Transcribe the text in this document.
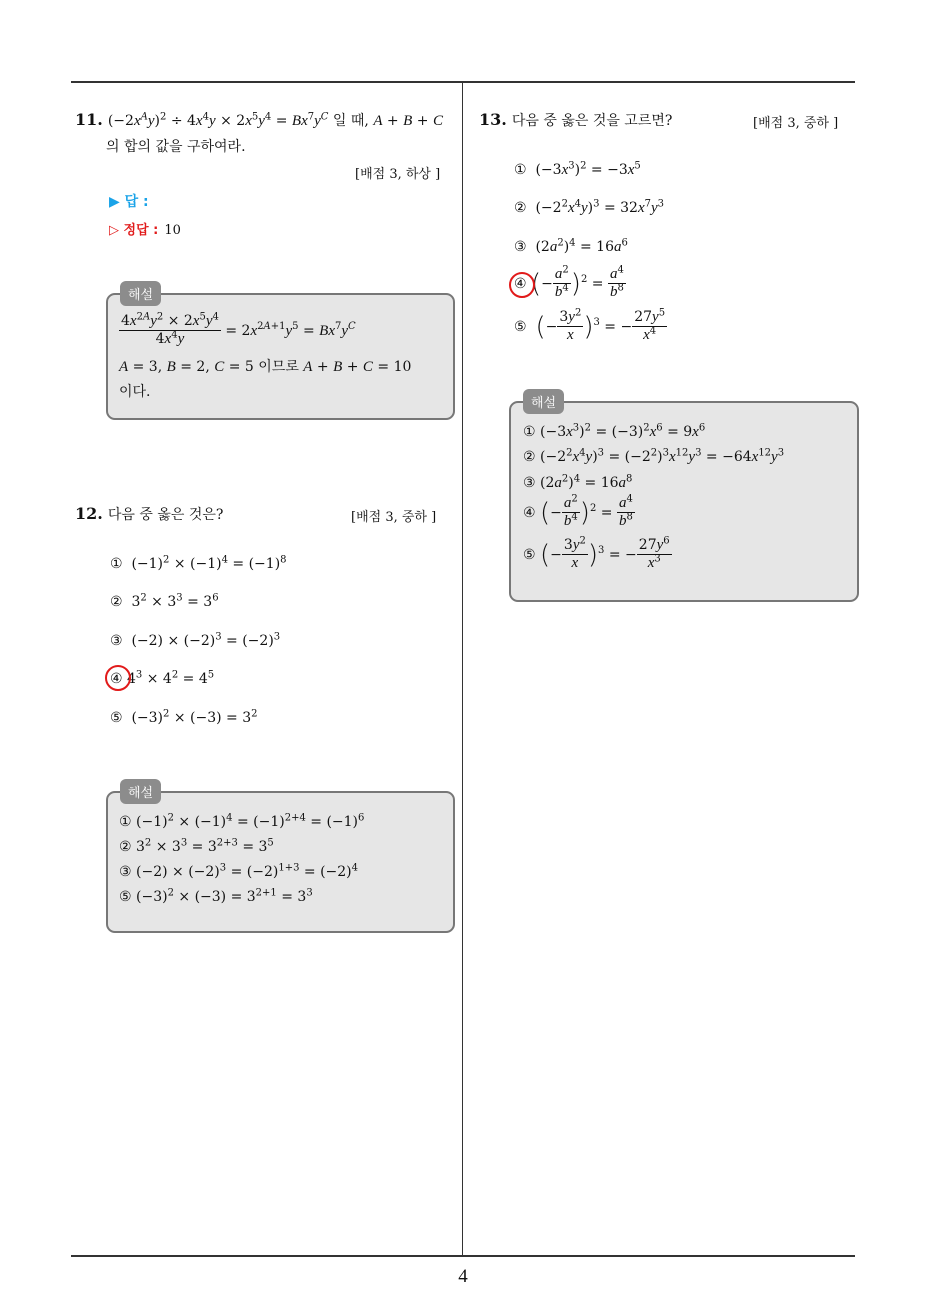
4
11. $(-2x^Ay)^2 \div 4x^4y \times 2x^5y^4 = Bx^7y^C$ 일 때, A + B + C
의 합의 값을 구하여라.
[배점 3, 하상 ]
▶ 답 :
▷ 정답 : 10
해설
$\frac{4x^{2A}y^2 \times 2x^5y^4}{4x^4y} = 2x^{2A+1}y^5 = Bx^7y^C$
A = 3, B = 2, C = 5 이므로 A + B + C = 10
이다.
12. 다음 중 옳은 것은?	[배점 3, 중하 ]
①  $(-1)^2 \times (-1)^4 = (-1)^8$
②  $3^2 \times 3^3 = 3^6$
③  $(-2) \times (-2)^3 = (-2)^3$
④ $4^3 \times 4^2 = 4^5$
⑤  $(-3)^2 \times (-3) = 3^2$
해설
① $(-1)^2 \times (-1)^4 = (-1)^{2+4} = (-1)^6$
② $3^2 \times 3^3 = 3^{2+3} = 3^5$
③ $(-2) \times (-2)^3 = (-2)^{1+3} = (-2)^4$
⑤ $(-3)^2 \times (-3) = 3^{2+1} = 3^3$
13. 다음 중 옳은 것을 고르면?	[배점 3, 중하 ]
①  $(-3x^3)^2 = -3x^5$
②  $(-2^2x^4y)^3 = 32x^7y^3$
③  $(2a^2)^4 = 16a^6$
④ (− $\frac{a^2}{b^4} )^2 = \frac{a^4}{b^8}$
⑤  (− $\frac{3y^2}{x} )^3$ = − $\frac{27y^5}{x^4}$
해설
① $(-3x^3)^2 = (-3)^2x^6 = 9x^6$
② $(-2^2x^4y)^3 = (-2^2)^3x^{12}y^3 = -64x^{12}y^3$
③ $(2a^2)^4 = 16a^8$
④ (− $\frac{a^2}{b^4} )^2 = \frac{a^4}{b^8}$
⑤ (− $\frac{3y^2}{x} )^3$ = − $\frac{27y^6}{x^3}$
